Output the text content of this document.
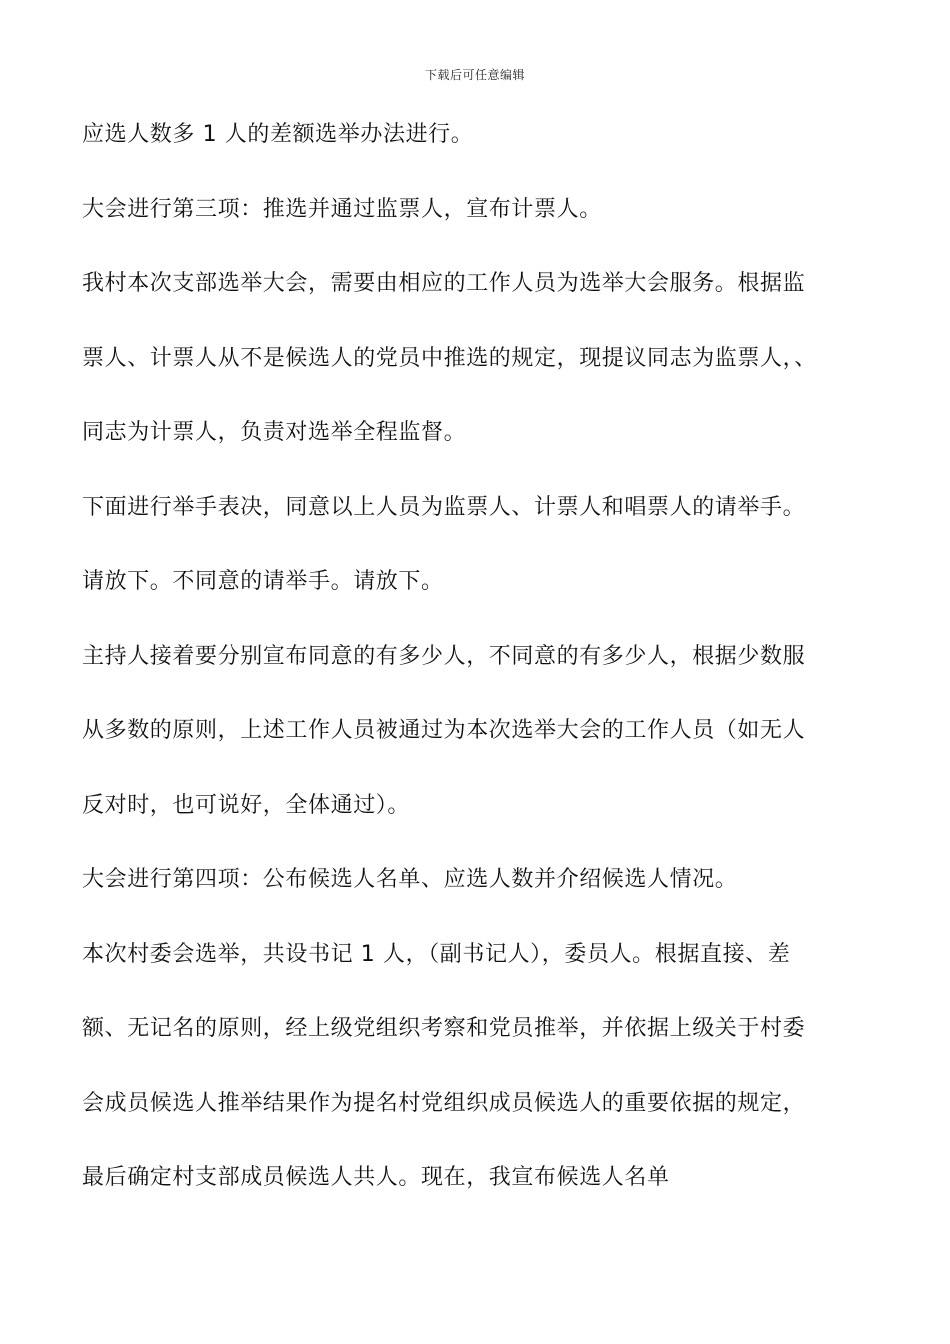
下载后可任意编辑
应选人数多 1 人的差额选举办法进行。
大会进行第三项：推选并通过监票人，宣布计票人。
我村本次支部选举大会，需要由相应的工作人员为选举大会服务。根据监
票人、计票人从不是候选人的党员中推选的规定，现提议同志为监票人，、
同志为计票人，负责对选举全程监督。
下面进行举手表决，同意以上人员为监票人、计票人和唱票人的请举手。
请放下。不同意的请举手。请放下。
主持人接着要分别宣布同意的有多少人，不同意的有多少人，根据少数服
从多数的原则，上述工作人员被通过为本次选举大会的工作人员（如无人
反对时，也可说好，全体通过）。
大会进行第四项：公布候选人名单、应选人数并介绍候选人情况。
本次村委会选举，共设书记 1 人，（副书记人），委员人。根据直接、差
额、无记名的原则，经上级党组织考察和党员推举，并依据上级关于村委
会成员候选人推举结果作为提名村党组织成员候选人的重要依据的规定，
最后确定村支部成员候选人共人。现在，我宣布候选人名单
